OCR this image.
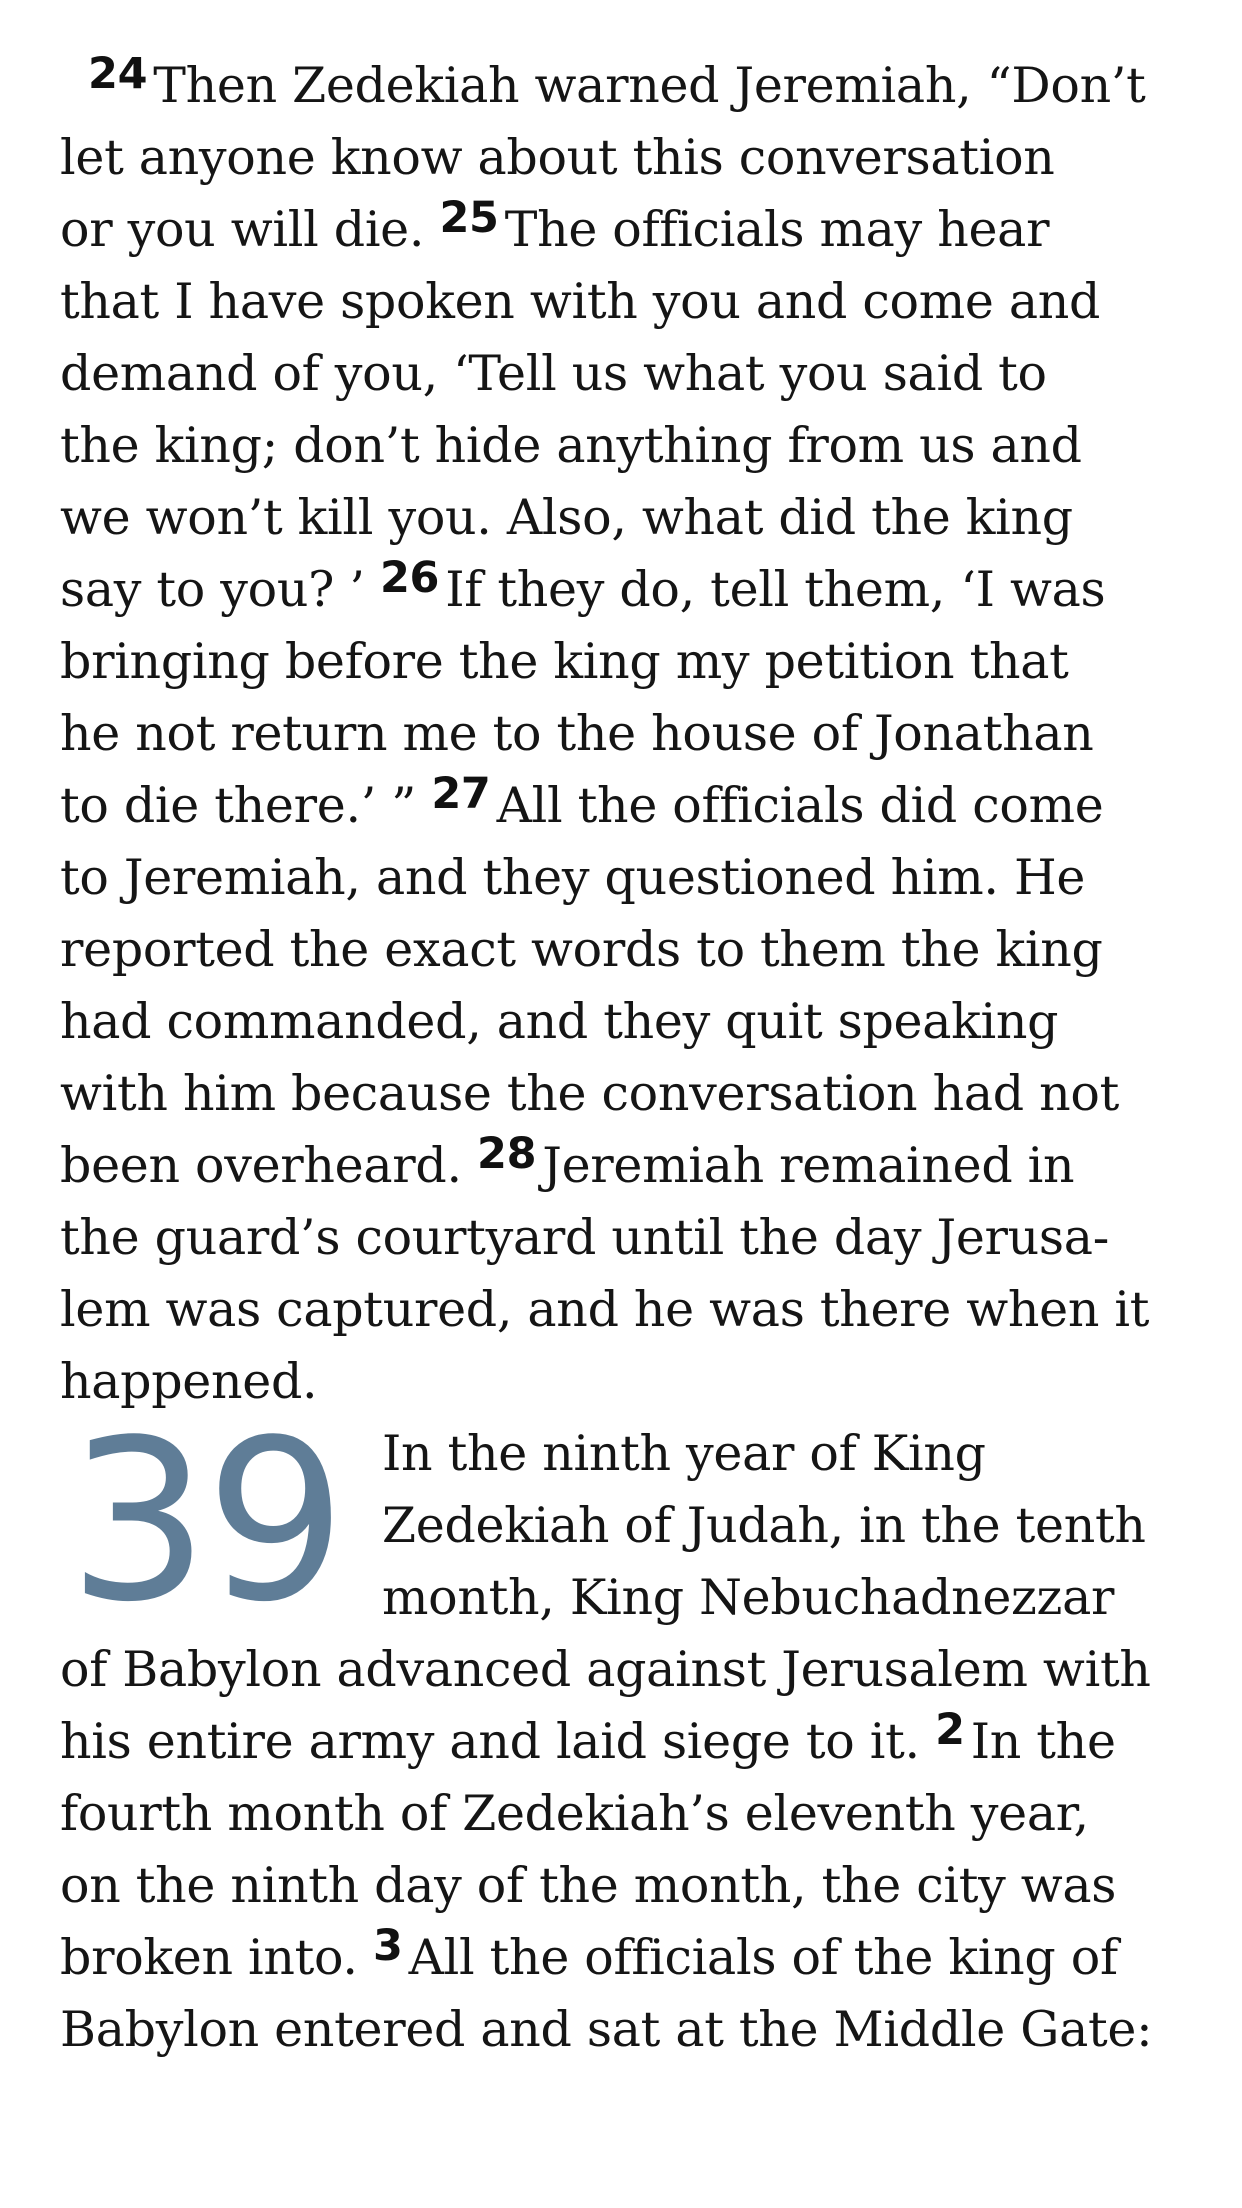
24 Then Zedekiah warned Jeremiah, “Don’t
let anyone know about this conversation
or you will die. 25 The officials may hear
that I have spoken with you and come and
demand of you, ‘Tell us what you said to
the king; don’t hide anything from us and
we won’t kill you. Also, what did the king
say to you? ’ 26 If they do, tell them, ‘I was
bringing before the king my petition that
he not return me to the house of Jonathan
to die there.’ ” 27 All the officials did come
to Jeremiah, and they questioned him. He
reported the exact words to them the king
had commanded, and they quit speaking
with him because the conversation had not
been overheard. 28 Jeremiah remained in
the guard’s courtyard until the day Jerusa-
lem was captured, and he was there when it
happened.
39 In the ninth year of King
Zedekiah of Judah, in the tenth
month, King Nebuchadnezzar
of Babylon advanced against Jerusalem with
his entire army and laid siege to it. 2 In the
fourth month of Zedekiah’s eleventh year,
on the ninth day of the month, the city was
broken into. 3 All the officials of the king of
Babylon entered and sat at the Middle Gate:
